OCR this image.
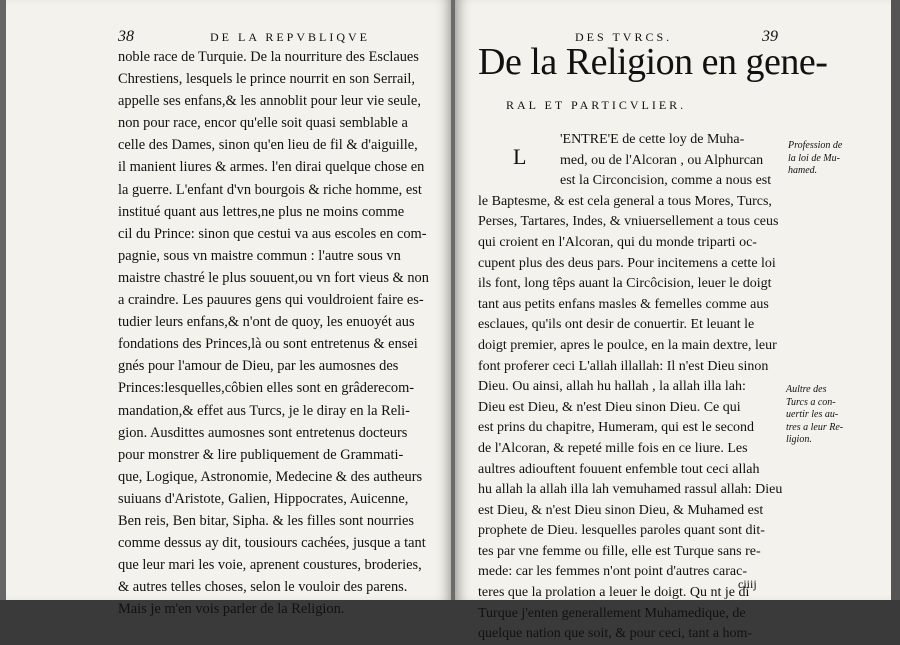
38	DE LA REPVBLIQVE
noble race de Turquie. De la nourriture des Esclaues
Chrestiens, lesquels le prince nourrit en son Serrail,
appelle ses enfans,& les annoblit pour leur vie seule,
non pour race, encor qu'elle soit quasi semblable a
celle des Dames, sinon qu'en lieu de fil & d'aiguille,
il manient liures & armes. l'en dirai quelque chose en
la guerre. L'enfant d'vn bourgois & riche homme, est
institué quant aus lettres,ne plus ne moins comme
cil du Prince: sinon que cestui va aus escoles en com-
pagnie, sous vn maistre commun : l'autre sous vn
maistre chastré le plus souuent,ou vn fort vieus & non
a craindre. Les pauures gens qui vouldroient faire es-
tudier leurs enfans,& n'ont de quoy, les enuoyét aus
fondations des Princes,là ou sont entretenus & ensei
gnés pour l'amour de Dieu, par les aumosnes des
Princes:lesquelles,côbien elles sont en grâderecom-
mandation,& effet aus Turcs, je le diray en la Reli-
gion. Ausdittes aumosnes sont entretenus docteurs
pour monstrer & lire publiquement de Grammati-
que, Logique, Astronomie, Medecine & des autheurs
suiuans d'Aristote, Galien, Hippocrates, Auicenne,
Ben reis, Ben bitar, Sipha. & les filles sont nourries
comme dessus ay dit, tousiours cachées, jusque a tant
que leur mari les voie, aprenent coustures, broderies,
& autres telles choses, selon le vouloir des parens.
Mais je m'en vois parler de la Religion.
DES TVRCS.	39
De la Religion en gene-
RAL ET PARTICVLIER.
L
'ENTRE'E de cette loy de Muha-
med, ou de l'Alcoran , ou Alphurcan
est la Circoncision, comme a nous est
le Baptesme, & est cela general a tous Mores, Turcs,
Perses, Tartares, Indes, & vniuersellement a tous ceus
qui croient en l'Alcoran, qui du monde triparti oc-
cupent plus des deus pars. Pour incitemens a cette loi
ils font, long têps auant la Circôcision, leuer le doigt
tant aus petits enfans masles & femelles comme aus
esclaues, qu'ils ont desir de conuertir. Et leuant le
doigt premier, apres le poulce, en la main dextre, leur
font proferer ceci L'allah illallah: Il n'est Dieu sinon
Dieu. Ou ainsi, allah hu hallah , la allah illa lah:
Dieu est Dieu, & n'est Dieu sinon Dieu. Ce qui
est prins du chapitre, Humeram, qui est le second
de l'Alcoran, & repeté mille fois en ce liure. Les
aultres adiouftent fouuent enfemble tout ceci allah
hu allah la allah illa lah vemuhamed rassul allah: Dieu
est Dieu, & n'est Dieu sinon Dieu, & Muhamed est
prophete de Dieu. lesquelles paroles quant sont dit-
tes par vne femme ou fille, elle est Turque sans re-
mede: car les femmes n'ont point d'autres carac-
teres que la prolation a leuer le doigt. Qu nt je di
Turque j'enten generallement Muhamedique, de
quelque nation que soit, & pour ceci, tant a hom-
Profession de
la loi de Mu-
hamed.
Aultre des
Turcs a con-
uertir les au-
tres a leur Re-
ligion.
ciiij
